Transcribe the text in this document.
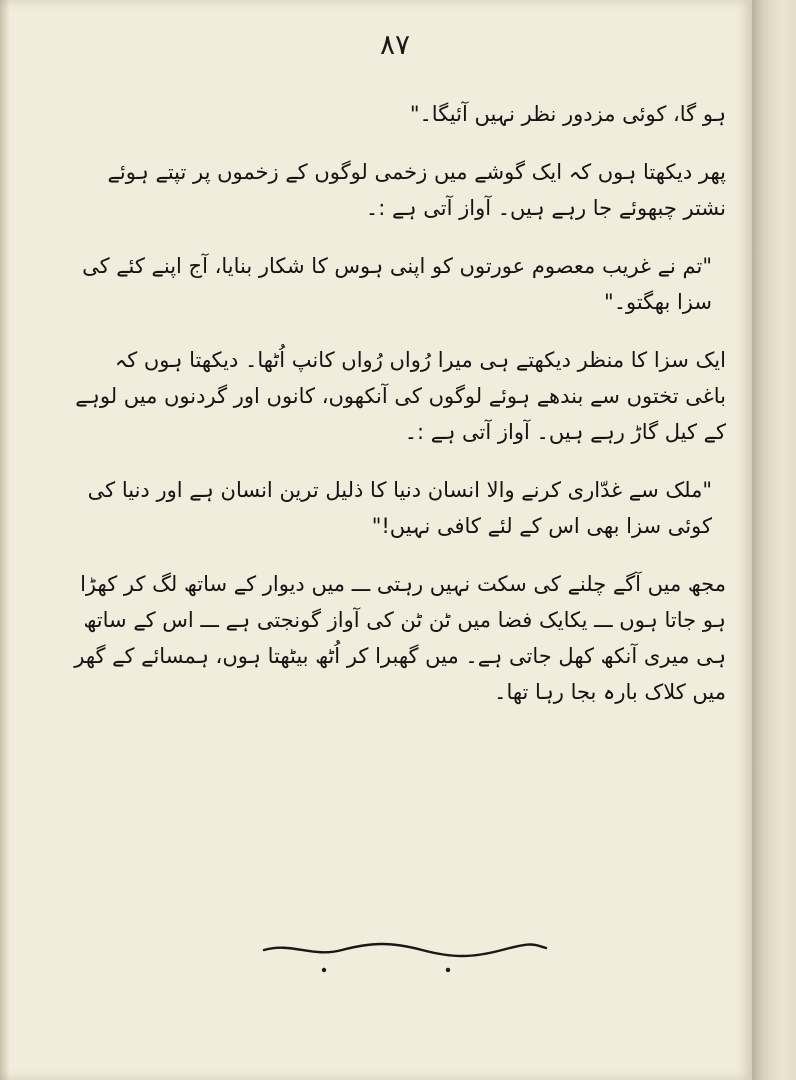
۸۷

ہو گا، کوئی مزدور نظر نہیں آئیگا۔"

پھر دیکھتا ہوں کہ ایک گوشے میں زخمی لوگوں کے زخموں پر تپتے ہوئے نشتر چبھوئے جا رہے ہیں۔ آواز آتی ہے :۔

"تم نے غریب معصوم عورتوں کو اپنی ہوس کا شکار بنایا، آج اپنے کئے کی سزا بھگتو۔"

ایک سزا کا منظر دیکھتے ہی میرا رُواں رُواں کانپ اُٹھا۔ دیکھتا ہوں کہ باغی تختوں سے بندھے ہوئے لوگوں کی آنکھوں، کانوں اور گردنوں میں لوہے کے کیل گاڑ رہے ہیں۔ آواز آتی ہے :۔

"ملک سے غدّاری کرنے والا انسان دنیا کا ذلیل ترین انسان ہے اور دنیا کی کوئی سزا بھی اس کے لئے کافی نہیں!"

مجھ میں آگے چلنے کی سکت نہیں رہتی ـــ میں دیوار کے ساتھ لگ کر کھڑا ہو جاتا ہوں ـــ یکایک فضا میں ٹن ٹن کی آواز گونجتی ہے ـــ اس کے ساتھ ہی میری آنکھ کھل جاتی ہے۔ میں گھبرا کر اُٹھ بیٹھتا ہوں، ہمسائے کے گھر میں کلاک بارہ بجا رہا تھا۔
